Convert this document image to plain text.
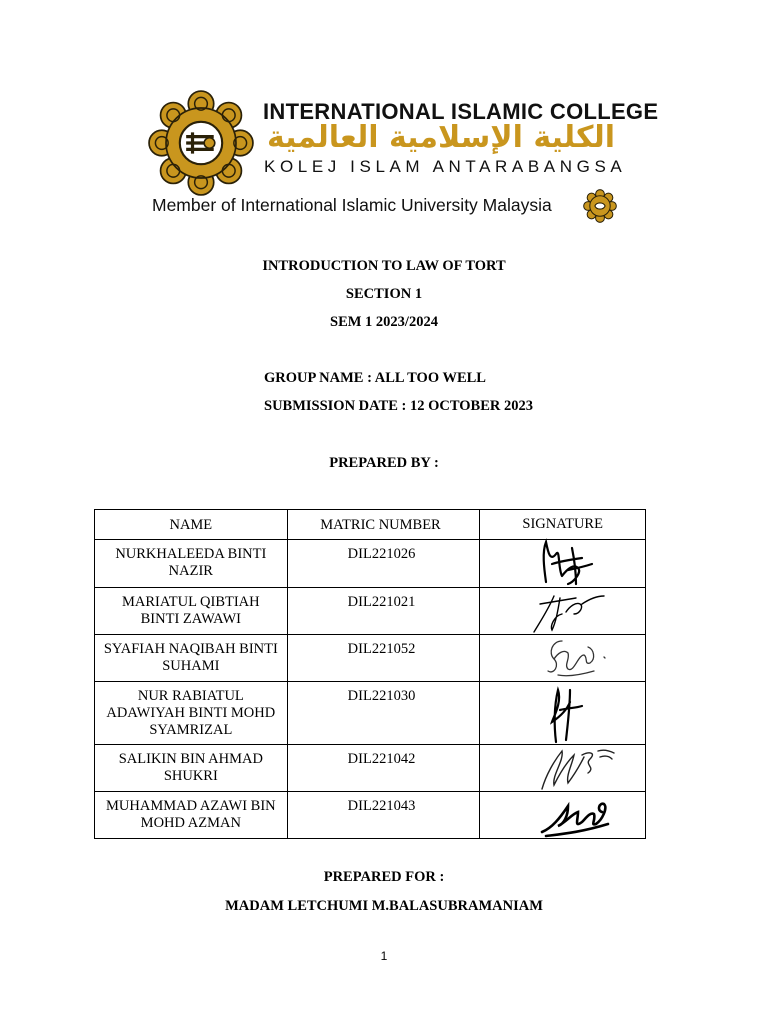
INTERNATIONAL ISLAMIC COLLEGE
الكلية الإسلامية العالمية
KOLEJ ISLAM ANTARABANGSA
Member of International Islamic University Malaysia
INTRODUCTION TO LAW OF TORT
SECTION 1
SEM 1 2023/2024
GROUP NAME : ALL TOO WELL
SUBMISSION DATE : 12 OCTOBER 2023
PREPARED BY :
NAME	MATRIC NUMBER	SIGNATURE
NURKHALEEDA BINTI NAZIR	DIL221026	

MARIATUL QIBTIAH BINTI ZAWAWI	DIL221021	

SYAFIAH NAQIBAH BINTI SUHAMI	DIL221052	

NUR RABIATUL ADAWIYAH BINTI MOHD SYAMRIZAL	DIL221030	

SALIKIN BIN AHMAD SHUKRI	DIL221042	

MUHAMMAD AZAWI BIN MOHD AZMAN	DIL221043	
PREPARED FOR :
MADAM LETCHUMI M.BALASUBRAMANIAM
1
